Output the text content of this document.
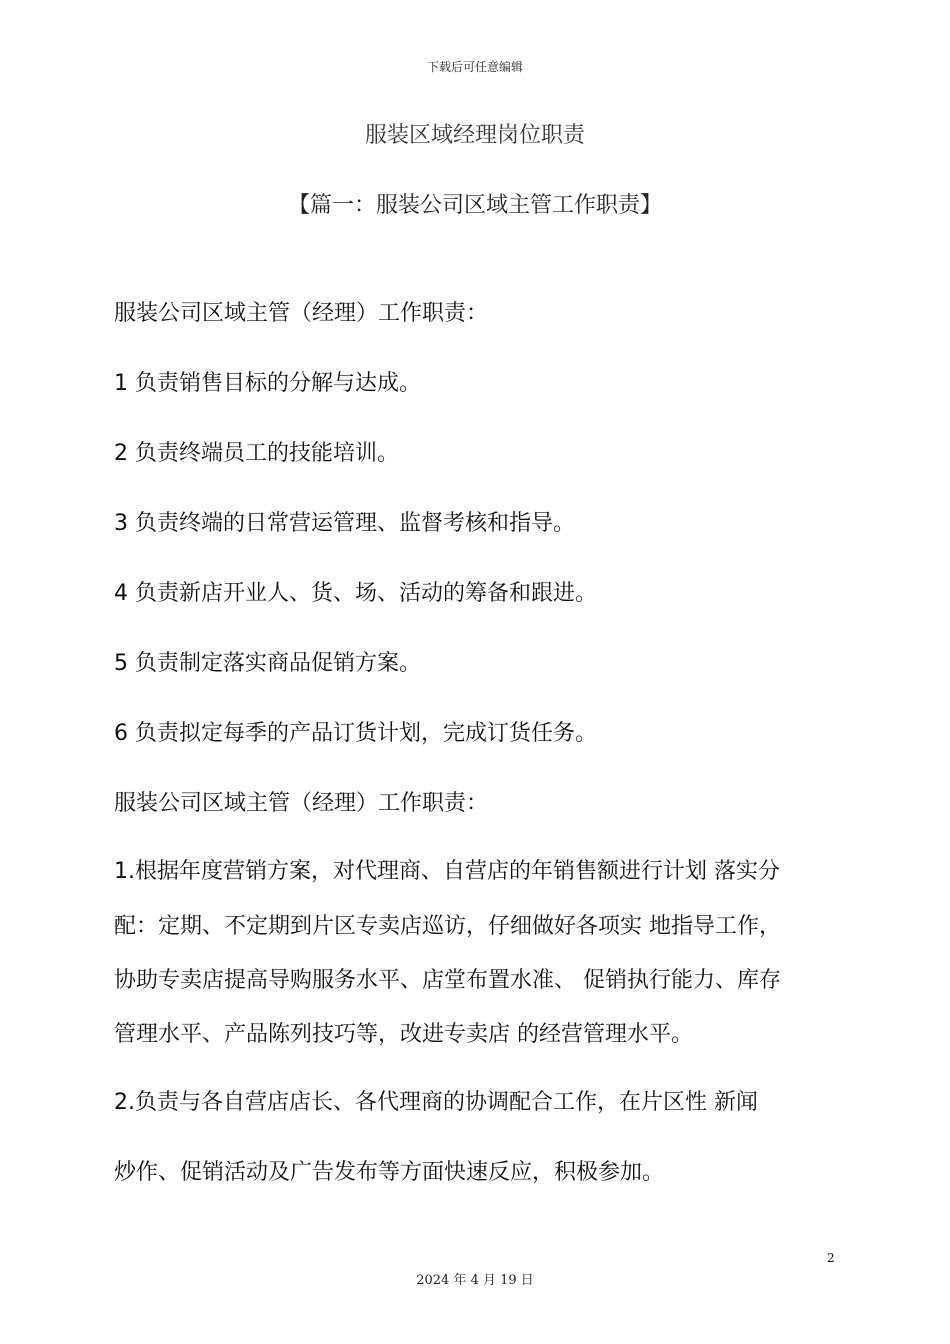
下载后可任意编辑
服装区域经理岗位职责
【篇一：服装公司区域主管工作职责】
服装公司区域主管（经理）工作职责：
1 负责销售目标的分解与达成。
2 负责终端员工的技能培训。
3 负责终端的日常营运管理、监督考核和指导。
4 负责新店开业人、货、场、活动的筹备和跟进。
5 负责制定落实商品促销方案。
6 负责拟定每季的产品订货计划，完成订货任务。
服装公司区域主管（经理）工作职责：
1.根据年度营销方案，对代理商、自营店的年销售额进行计划 落实分
配：定期、不定期到片区专卖店巡访，仔细做好各项实 地指导工作，
协助专卖店提高导购服务水平、店堂布置水准、 促销执行能力、库存
管理水平、产品陈列技巧等，改进专卖店 的经营管理水平。
2.负责与各自营店店长、各代理商的协调配合工作，在片区性 新闻
炒作、促销活动及广告发布等方面快速反应，积极参加。
2
2024 年 4 月 19 日
